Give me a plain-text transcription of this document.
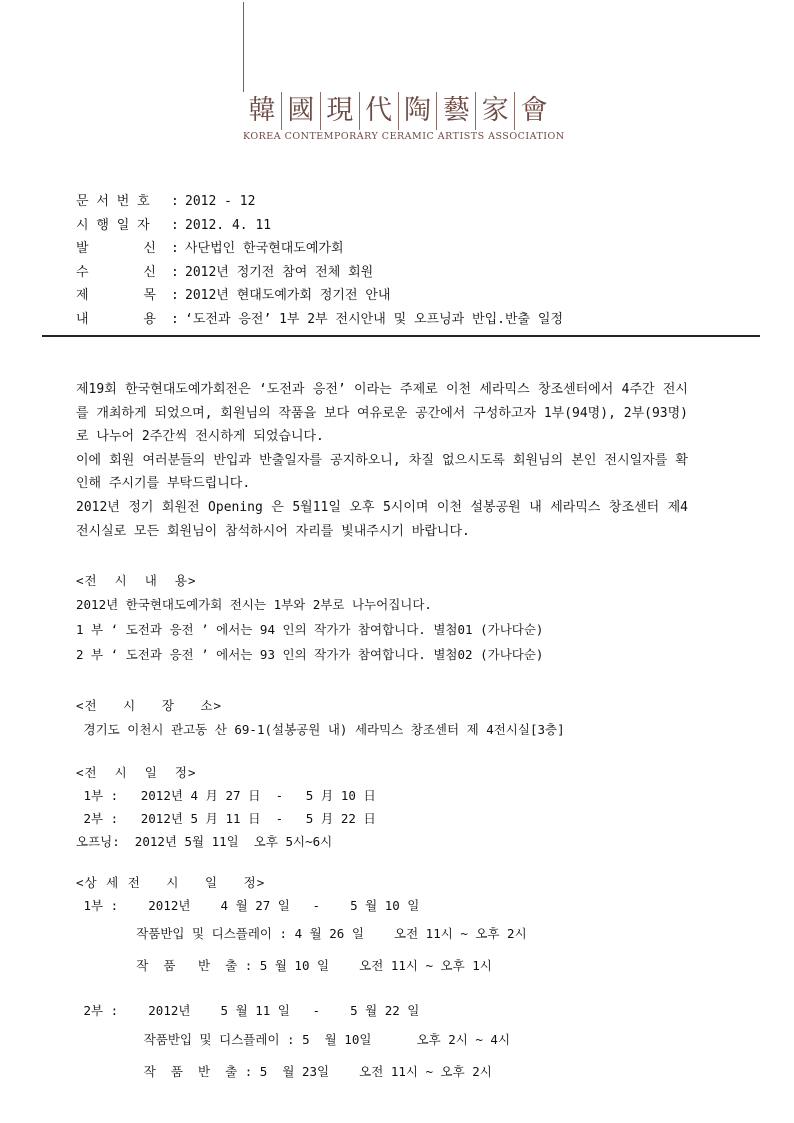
韓 國 現 代 陶 藝 家 會
KOREA CONTEMPORARY CERAMIC ARTISTS ASSOCIATION
문 서 번 호	: 2012 - 12
시 행 일 자	: 2012. 4. 11
발       신	: 사단법인 한국현대도예가회
수       신	: 2012년 정기전 참여 전체 회원
제       목	: 2012년 현대도예가회 정기전 안내
내       용	: ‘도전과 응전’ 1부 2부 전시안내 및 오프닝과 반입.반출 일정

제19회 한국현대도예가회전은 ‘도전과 응전’ 이라는 주제로 이천 세라믹스 창조센터에서 4주간 전시를 개최하게 되었으며, 회원님의 작품을 보다 여유로운 공간에서 구성하고자 1부(94명), 2부(93명)로 나누어 2주간씩 전시하게 되었습니다.

이에 회원 여러분들의 반입과 반출일자를 공지하오니, 차질 없으시도록 회원님의 본인 전시일자를 확인해 주시기를 부탁드립니다.

2012년 정기 회원전 Opening 은 5월11일 오후 5시이며 이천 설봉공원 내 세라믹스 창조센터 제4 전시실로 모든 회원님이 참석하시어 자리를 빛내주시기 바랍니다.

<전  시  내  용>
2012년 한국현대도예가회 전시는 1부와 2부로 나누어집니다.
1 부 ‘ 도전과 응전 ’ 에서는 94 인의 작가가 참여합니다. 별첨01 (가나다순)
2 부 ‘ 도전과 응전 ’ 에서는 93 인의 작가가 참여합니다. 별첨02 (가나다순)
<전   시   장   소>
경기도 이천시 관고동 산 69-1(설봉공원 내) 세라믹스 창조센터 제 4전시실[3층]
<전  시  일  정>
1부 :   2012년 4 月 27 日  -   5 月 10 日
2부 :   2012년 5 月 11 日  -   5 月 22 日
오프닝:  2012년 5월 11일  오후 5시~6시
<상 세 전   시   일   정>
1부 :    2012년    4 월 27 일   -    5 월 10 일
작품반입 및 디스플레이 : 4 월 26 일    오전 11시 ~ 오후 2시
작  품   반  출 : 5 월 10 일    오전 11시 ~ 오후 1시
2부 :    2012년    5 월 11 일   -    5 월 22 일
작품반입 및 디스플레이 : 5  월 10일      오후 2시 ~ 4시
작  품  반  출 : 5  월 23일    오전 11시 ~ 오후 2시
